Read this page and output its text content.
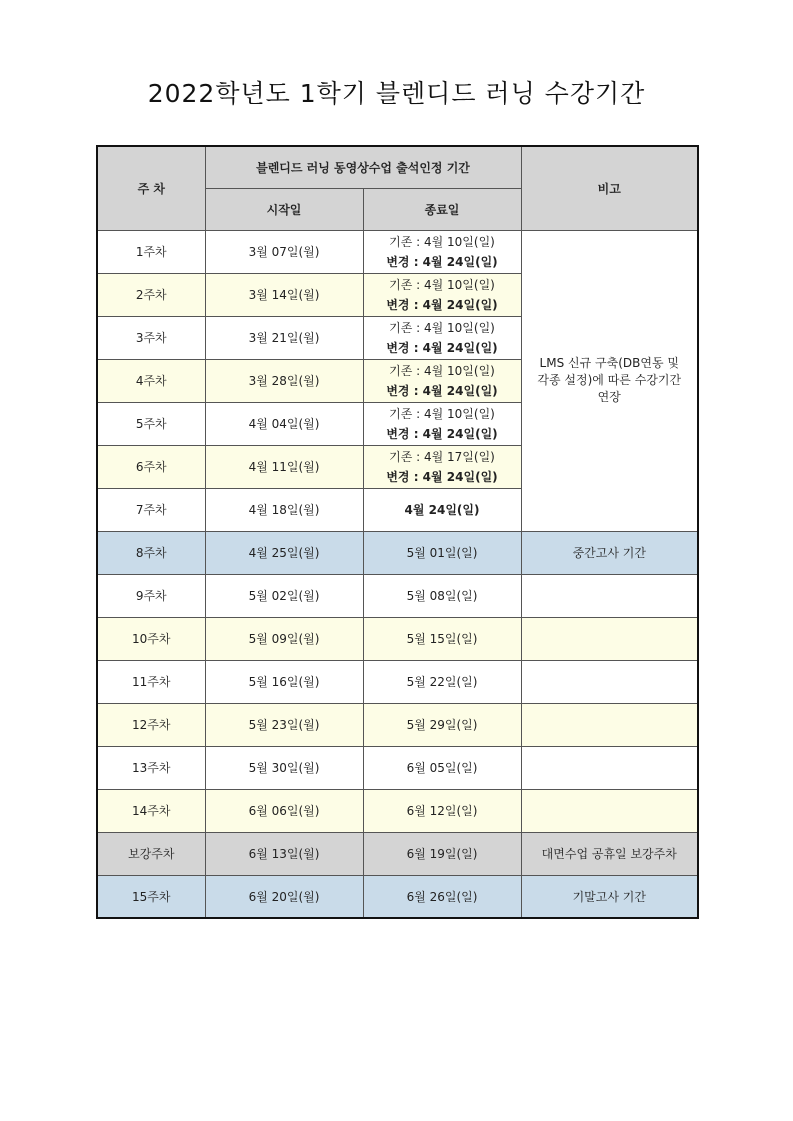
2022학년도 1학기 블렌디드 러닝 수강기간
주 차	블렌디드 러닝 동영상수업 출석인정 기간		비고
	시작일	종료일	
1주차	3월 07일(월)	기존 : 4월 10일(일)
변경 : 4월 24일(일)	LMS 신규 구축(DB연동 및 각종 설정)에 따른 수강기간 연장

2주차	3월 14일(월)	기존 : 4월 10일(일)
변경 : 4월 24일(일)	

3주차	3월 21일(월)	기존 : 4월 10일(일)
변경 : 4월 24일(일)	

4주차	3월 28일(월)	기존 : 4월 10일(일)
변경 : 4월 24일(일)	

5주차	4월 04일(월)	기존 : 4월 10일(일)
변경 : 4월 24일(일)	

6주차	4월 11일(월)	기존 : 4월 17일(일)
변경 : 4월 24일(일)	

7주차	4월 18일(월)	4월 24일(일)	

8주차	4월 25일(월)	5월 01일(일)	중간고사 기간
9주차	5월 02일(월)	5월 08일(일)	
10주차	5월 09일(월)	5월 15일(일)	
11주차	5월 16일(월)	5월 22일(일)	
12주차	5월 23일(월)	5월 29일(일)	
13주차	5월 30일(월)	6월 05일(일)	
14주차	6월 06일(월)	6월 12일(일)	
보강주차	6월 13일(월)	6월 19일(일)	대면수업 공휴일 보강주차
15주차	6월 20일(월)	6월 26일(일)	기말고사 기간
